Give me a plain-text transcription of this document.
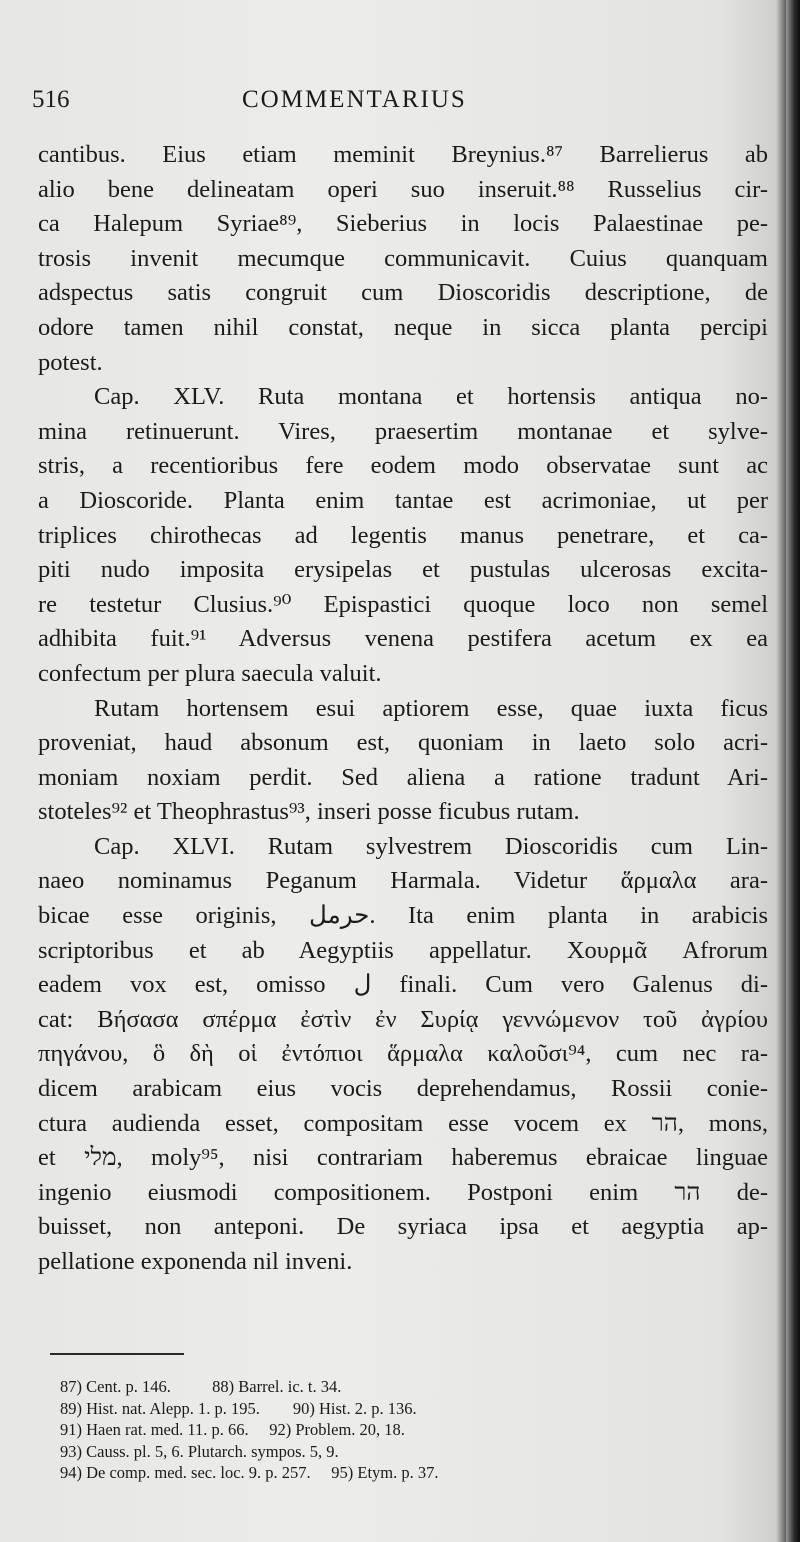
516	COMMENTARIUS
cantibus. Eius etiam meminit Breynius.⁸⁷ Barrelierus ab
alio bene delineatam operi suo inseruit.⁸⁸ Russelius cir-
ca Halepum Syriae⁸⁹, Sieberius in locis Palaestinae pe-
trosis invenit mecumque communicavit. Cuius quanquam
adspectus satis congruit cum Dioscoridis descriptione, de
odore tamen nihil constat, neque in sicca planta percipi
potest.
Cap. XLV. Ruta montana et hortensis antiqua no-
mina retinuerunt. Vires, praesertim montanae et sylve-
stris, a recentioribus fere eodem modo observatae sunt ac
a Dioscoride. Planta enim tantae est acrimoniae, ut per
triplices chirothecas ad legentis manus penetrare, et ca-
piti nudo imposita erysipelas et pustulas ulcerosas excita-
re testetur Clusius.⁹⁰ Epispastici quoque loco non semel
adhibita fuit.⁹¹ Adversus venena pestifera acetum ex ea
confectum per plura saecula valuit.
Rutam hortensem esui aptiorem esse, quae iuxta ficus
proveniat, haud absonum est, quoniam in laeto solo acri-
moniam noxiam perdit. Sed aliena a ratione tradunt Ari-
stoteles⁹² et Theophrastus⁹³, inseri posse ficubus rutam.
Cap. XLVI. Rutam sylvestrem Dioscoridis cum Lin-
naeo nominamus Peganum Harmala. Videtur ἅρμαλα ara-
bicae esse originis, حرمل. Ita enim planta in arabicis
scriptoribus et ab Aegyptiis appellatur. Χουρμᾶ Afrorum
eadem vox est, omisso ل finali. Cum vero Galenus di-
cat: Βήσασα σπέρμα ἐστὶν ἐν Συρίᾳ γεννώμενον τοῦ ἀγρίου
πηγάνου, ὃ δὴ οἱ ἐντόπιοι ἅρμαλα καλοῦσι⁹⁴, cum nec ra-
dicem arabicam eius vocis deprehendamus, Rossii conie-
ctura audienda esset, compositam esse vocem ex הר, mons,
et מלי, moly⁹⁵, nisi contrariam haberemus ebraicae linguae
ingenio eiusmodi compositionem. Postponi enim הר de-
buisset, non anteponi. De syriaca ipsa et aegyptia ap-
pellatione exponenda nil inveni.
87) Cent. p. 146.          88) Barrel. ic. t. 34.
89) Hist. nat. Alepp. 1. p. 195.        90) Hist. 2. p. 136.
91) Haen rat. med. 11. p. 66.     92) Problem. 20, 18.
93) Causs. pl. 5, 6. Plutarch. sympos. 5, 9.
94) De comp. med. sec. loc. 9. p. 257.     95) Etym. p. 37.
